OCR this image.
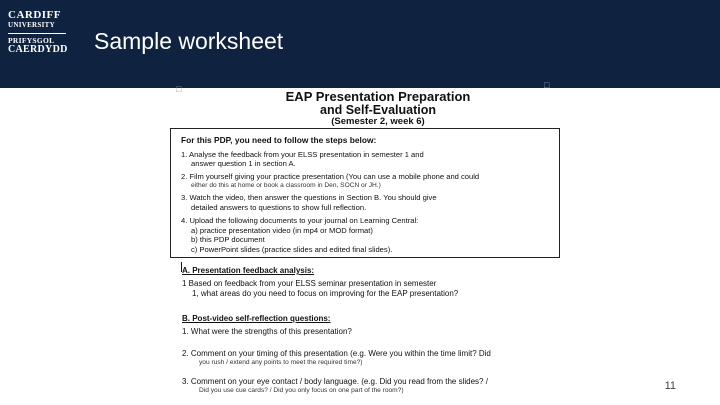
CARDIFF
UNIVERSITY
PRIFYSGOL
CAERDYDD Sample worksheet
□	□
EAP Presentation Preparation
and Self-Evaluation
(Semester 2, week 6)
For this PDP, you need to follow the steps below:
1. Analyse the feedback from your ELSS presentation in semester 1 and
answer question 1 in section A.
2. Film yourself giving your practice presentation (You can use a mobile phone and could
either do this at home or book a classroom in Den, SOCN or JH.)
3. Watch the video, then answer the questions in Section B. You should give
detailed answers to questions to show full reflection.
4. Upload the following documents to your journal on Learning Central:
a) practice presentation video (in mp4 or MOD format)
b) this PDP document
c) PowerPoint slides (practice slides and edited final slides).
A. Presentation feedback analysis:
1 Based on feedback from your ELSS seminar presentation in semester
1, what areas do you need to focus on improving for the EAP presentation?
B. Post-video self-reflection questions:
1. What were the strengths of this presentation?
2. Comment on your timing of this presentation (e.g. Were you within the time limit? Did
you rush / extend any points to meet the required time?)
3. Comment on your eye contact / body language. (e.g. Did you read from the slides? /
Did you use cue cards? / Did you only focus on one part of the room?)	11
